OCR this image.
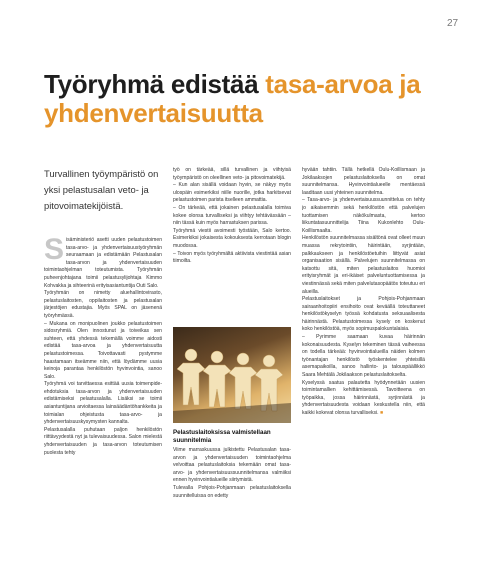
27
Työryhmä edistää tasa-arvoa ja yhdenvertaisuutta

Turvallinen työympäristö on yksi pelastusalan veto- ja pitovoimatekijöistä.

Sisäministeriö asetti uuden pelastustoimen tasa-arvo- ja yhdenvertaisuustyöryhmän seuraamaan ja edistämään Pelastusalan tasa-arvon ja yhdenvertaisuuden toimintaohjelman toteutumista. Työryhmän puheenjohtajana toimii pelastusylijohtaja Kimmo Kohvakka ja sihteerinä erityisasiantuntija Outi Salo.

Työryhmän on nimetty aluehallintovirasto, pelastuslaitosten, oppilaitosten ja pelastusalan järjestöjen edustajia. Myös SPAL on jäsenenä työryhmässä.

– Mukana on monipuolinen joukko pelastustoimen sidosryhmiä. Olen innostunut ja toiveikas sen suhteen, että yhdessä tekemällä voimme aidosti edistää tasa-arvoa ja yhdenvertaisuutta pelastustoimessa. Toivottavasti pystymme haastamaan itseämme niin, että löydämme uusia keinoja parantaa henkilöstön hyvinvointia, sanoo Salo.

Työryhmä voi tarvittaessa esittää uusia toimenpide-ehdotuksia tasa-arvon ja yhdenvertaisuuden edistämiseksi pelastusalalla. Lisäksi se toimii asiantuntijana arvioitaessa lainsäädäntöhankkeita ja toimialan ohjeistusta tasa-arvo- ja yhdenvertaisuuskysymysten kannalta.

Pelastusalalla puhutaan paljon henkilöstön riittävyydestä nyt ja tulevaisuudessa. Salon mielestä yhdenvertaisuuden ja tasa-arvon toteutumisen puolesta tehty

työ on tärkeää, sillä turvallinen ja viihtyisä työympäristö on oleellinen veto- ja pitovoimatekijä.

– Kun alan sisällä voidaan hyvin, se näkyy myös ulospäin esimerkiksi niille nuorille, jotka harkitsevat pelastustoimen parista itselleen ammattia.

– On tärkeää, että jokainen pelastusalalla toimiva kokee olonsa turvalliseksi ja viihtyy tehtävässään – niin tässä kuin myös harrastuksen parissa.

Työryhmä viestii avoimesti työstään, Salo kertoo. Esimerkiksi jokaisesta kokouksesta kerrotaan blogin muodossa.

– Toivon myös työryhmältä aktiivista viestintää asian tiimoilta.

Pelastuslaitoksissa valmistellaan suunnitelmia

Viime marraskuussa julkistettu Pelastusalan tasa-arvon ja yhdenvertaisuuden toimintaohjelma velvoittaa pelastuslaitoksia tekemään omat tasa-arvo- ja yhdenvertaisuussuunnitelmansa valmiiksi ennen hyvinvointialueille siirtymistä.

Tulevalla Pohjois-Pohjanmaan pelastuslaitoksella suunnitelluissa on edetty

hyvään tahtiin. Tällä hetkellä Oulu-Koillismaan ja Jokilaaksojen pelastuslaitoksella on omat suunnitelmansa. Hyvinvointialueelle mentäessä laaditaan uusi yhteinen suunnitelma.

– Tasa-arvo- ja yhdenvertaisuussuunnittelua on tehty jo aikaisemmin sekä henkilöstön että palvelujen tuottamisen näkökulmasta, kertoo liikuntatasuunnittelija Tiina Kukonlehto Oulu-Koillismaalta.

Henkilöstön suunnitelmassa sisältönä ovat olleet muun muassa rekrytointiin, häirintään, syrjintään, palkkaukseen ja henkilöstöetuihin liittyvät asiat organisaation sisällä. Palvelujen suunnitelmassa on katsottu sitä, miten pelastuslaitos huomioi erityisryhmät ja eri-ikäiset palveluntuottamisessa ja viestinnässä sekä miten palvelutasopäätös toteutuu eri alueilla.

Pelastuslaitokset ja Pohjois-Pohjanmaan sairaanhoitopiiri ensihoito ovat keväällä toteuttaneet henkilöstökyselyn työssä kohdatusta seksuaalisesta häirinnästä. Pelastustoimessa kysely on koskenut koko henkilöstöä, myös sopimuspalokuntalaisia.

– Pyrimme saamaan kuvaa häirinnän kokonaisuudesta. Kyselyn tekeminen tässä vaiheessa on todella tärkeää: hyvinvointialueilla näiden kolmen työnantajan henkilöstö työskentelee yhteisillä asemapaikoilla, sanoo hallinto- ja talouspäällikkö Saara Mehtälä Jokilaakson pelastuslaitokselta.

Kyselyssä saatua palautetta hyödynnetään uusien toimintamallien kehittämisessä. Tavoitteena on työpaikka, jossa häirinnästä, syrjinnästä ja yhdenvertaisuudesta voidaan keskustella niin, että kaikki kokevat olonsa turvalliseksi. ■
